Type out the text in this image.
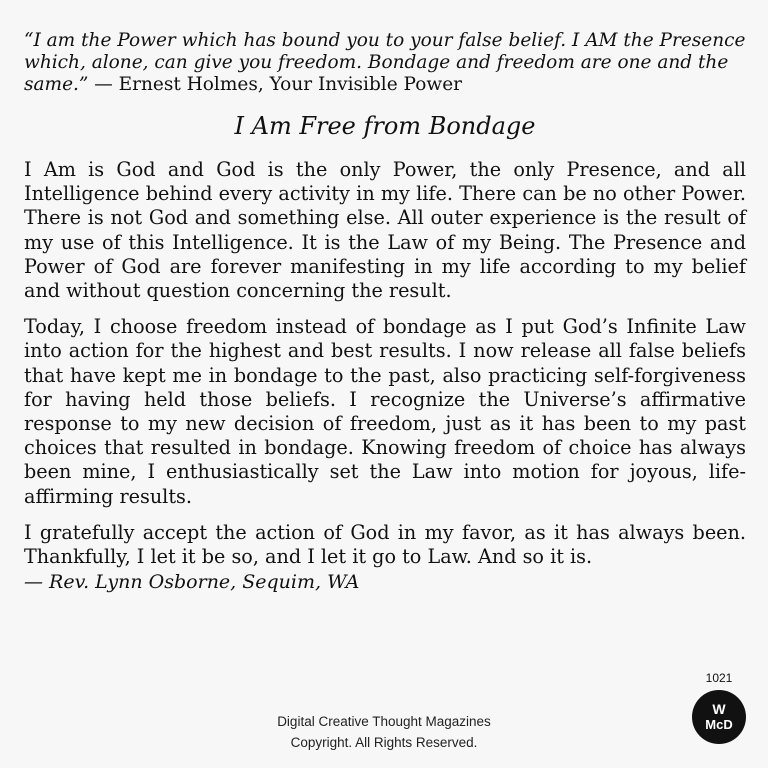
“I am the Power which has bound you to your false belief. I AM the Presence which, alone, can give you freedom. Bondage and freedom are one and the same.” — Ernest Holmes, Your Invisible Power

I Am Free from Bondage

I Am is God and God is the only Power, the only Presence, and all Intelligence behind every activity in my life. There can be no other Power. There is not God and something else. All outer experience is the result of my use of this Intelligence. It is the Law of my Being. The Presence and Power of God are forever manifesting in my life according to my belief and without question concerning the result.

Today, I choose freedom instead of bondage as I put God’s Infinite Law into action for the highest and best results. I now release all false beliefs that have kept me in bondage to the past, also practicing self-forgiveness for having held those beliefs. I recognize the Universe’s affirmative response to my new decision of freedom, just as it has been to my past choices that resulted in bondage. Knowing freedom of choice has always been mine, I enthusiastically set the Law into motion for joyous, life-affirming results.

I gratefully accept the action of God in my favor, as it has always been. Thankfully, I let it be so, and I let it go to Law. And so it is.

— Rev. Lynn Osborne, Sequim, WA
1021
W
McD
Digital Creative Thought Magazines
Copyright. All Rights Reserved.
